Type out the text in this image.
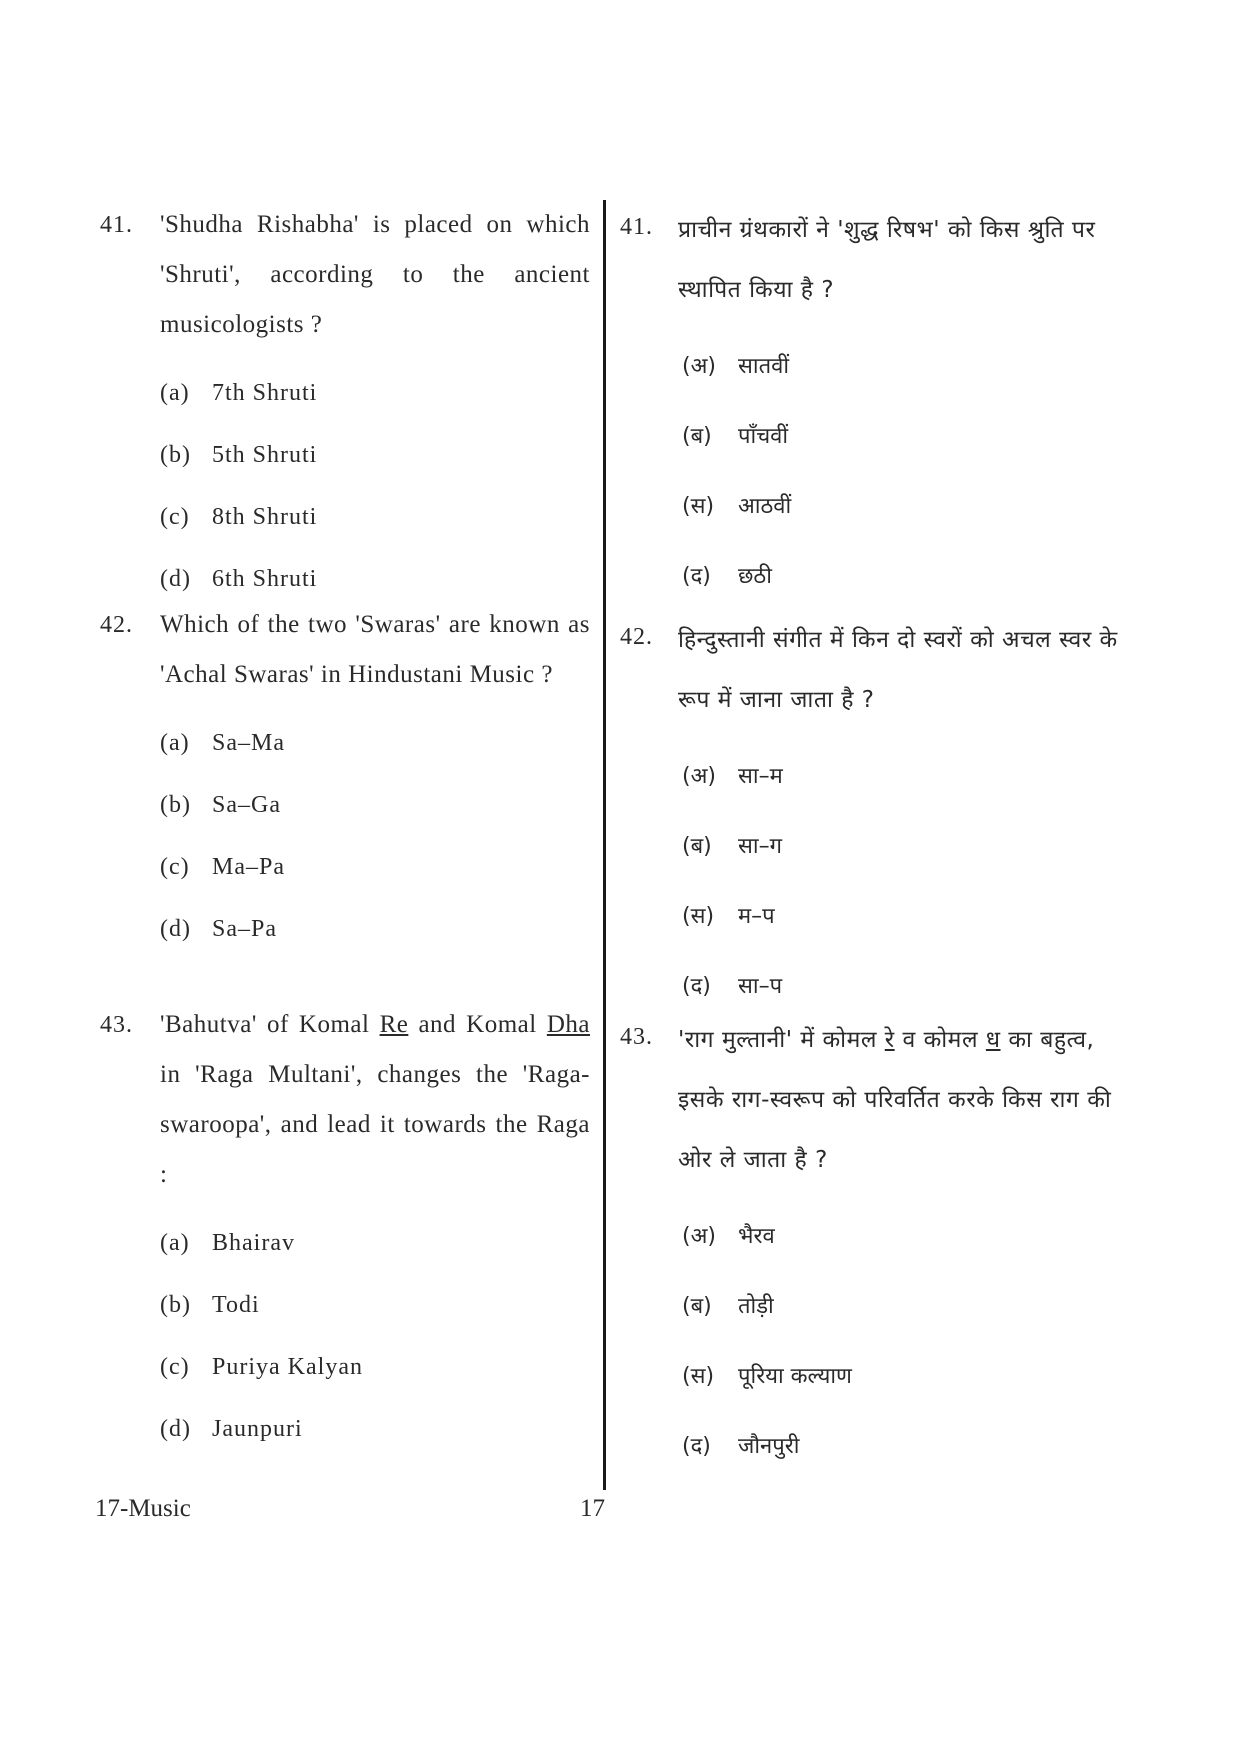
41. 'Shudha Rishabha' is placed on which 'Shruti', according to the ancient musicologists ?
(a) 7th Shruti
(b) 5th Shruti
(c) 8th Shruti
(d) 6th Shruti
42. Which of the two 'Swaras' are known as 'Achal Swaras' in Hindustani Music ?
(a) Sa–Ma
(b) Sa–Ga
(c) Ma–Pa
(d) Sa–Pa
43. 'Bahutva' of Komal Re and Komal Dha in 'Raga Multani', changes the 'Raga-swaroopa', and lead it towards the Raga :
(a) Bhairav
(b) Todi
(c) Puriya Kalyan
(d) Jaunpuri
41. प्राचीन ग्रंथकारों ने 'शुद्ध रिषभ' को किस श्रुति पर स्थापित किया है ?
(अ) सातवीं
(ब) पाँचवीं
(स) आठवीं
(द) छठी
42. हिन्दुस्तानी संगीत में किन दो स्वरों को अचल स्वर के रूप में जाना जाता है ?
(अ) सा–म
(ब) सा–ग
(स) म–प
(द) सा–प
43. 'राग मुल्तानी' में कोमल रे व कोमल ध का बहुत्व, इसके राग-स्वरूप को परिवर्तित करके किस राग की ओर ले जाता है ?
(अ) भैरव
(ब) तोड़ी
(स) पूरिया कल्याण
(द) जौनपुरी
17-Music	17
